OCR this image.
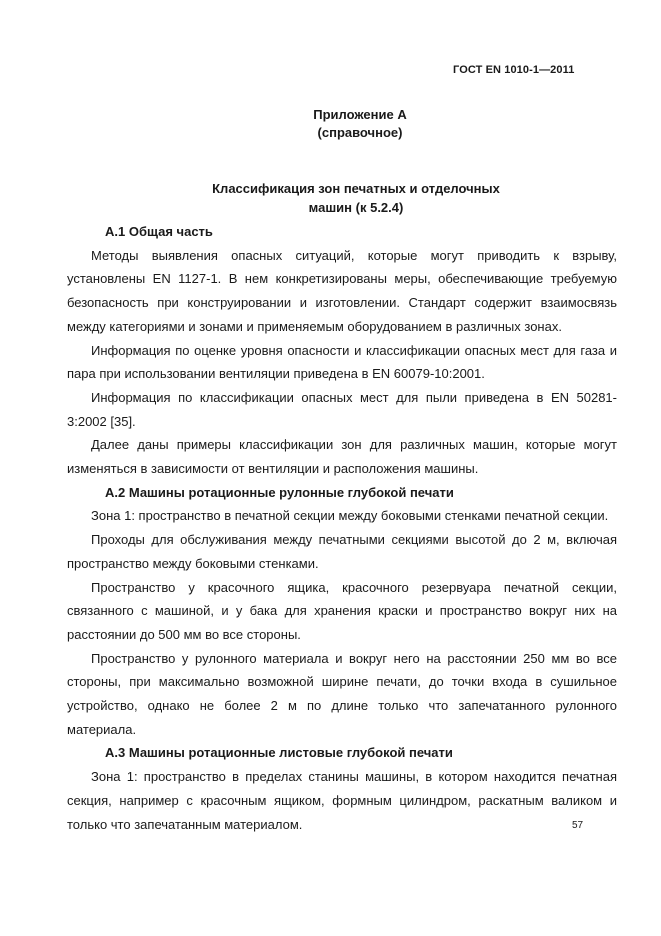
ГОСТ EN 1010-1—2011
Приложение А
(справочное)
Классификация зон печатных и отделочных
машин (к 5.2.4)
А.1 Общая часть

Методы выявления опасных ситуаций, которые могут приводить к взрыву, установлены EN 1127-1. В нем конкретизированы меры, обеспечивающие требуемую безопасность при конструировании и изготовлении. Стандарт содержит взаимосвязь между категориями и зонами и применяемым оборудованием в различных зонах.

Информация по оценке уровня опасности и классификации опасных мест для газа и пара при использовании вентиляции приведена в EN 60079-10:2001.

Информация по классификации опасных мест для пыли приведена в EN 50281-3:2002 [35].

Далее даны примеры классификации зон для различных машин, которые могут изменяться в зависимости от вентиляции и расположения машины.

А.2 Машины ротационные рулонные глубокой печати

Зона 1: пространство в печатной секции между боковыми стенками печатной секции.

Проходы для обслуживания между печатными секциями высотой до 2 м, включая пространство между боковыми стенками.

Пространство у красочного ящика, красочного резервуара печатной секции, связанного с машиной, и у бака для хранения краски и пространство вокруг них на расстоянии до 500 мм во все стороны.

Пространство у рулонного материала и вокруг него на расстоянии 250 мм во все стороны, при максимально возможной ширине печати, до точки входа в сушильное устройство, однако не более 2 м по длине только что запечатанного рулонного материала.

А.3 Машины ротационные листовые глубокой печати

Зона 1: пространство в пределах станины машины, в котором находится печатная секция, например с красочным ящиком, формным цилиндром, раскатным валиком и только что запечатанным материалом.	57
